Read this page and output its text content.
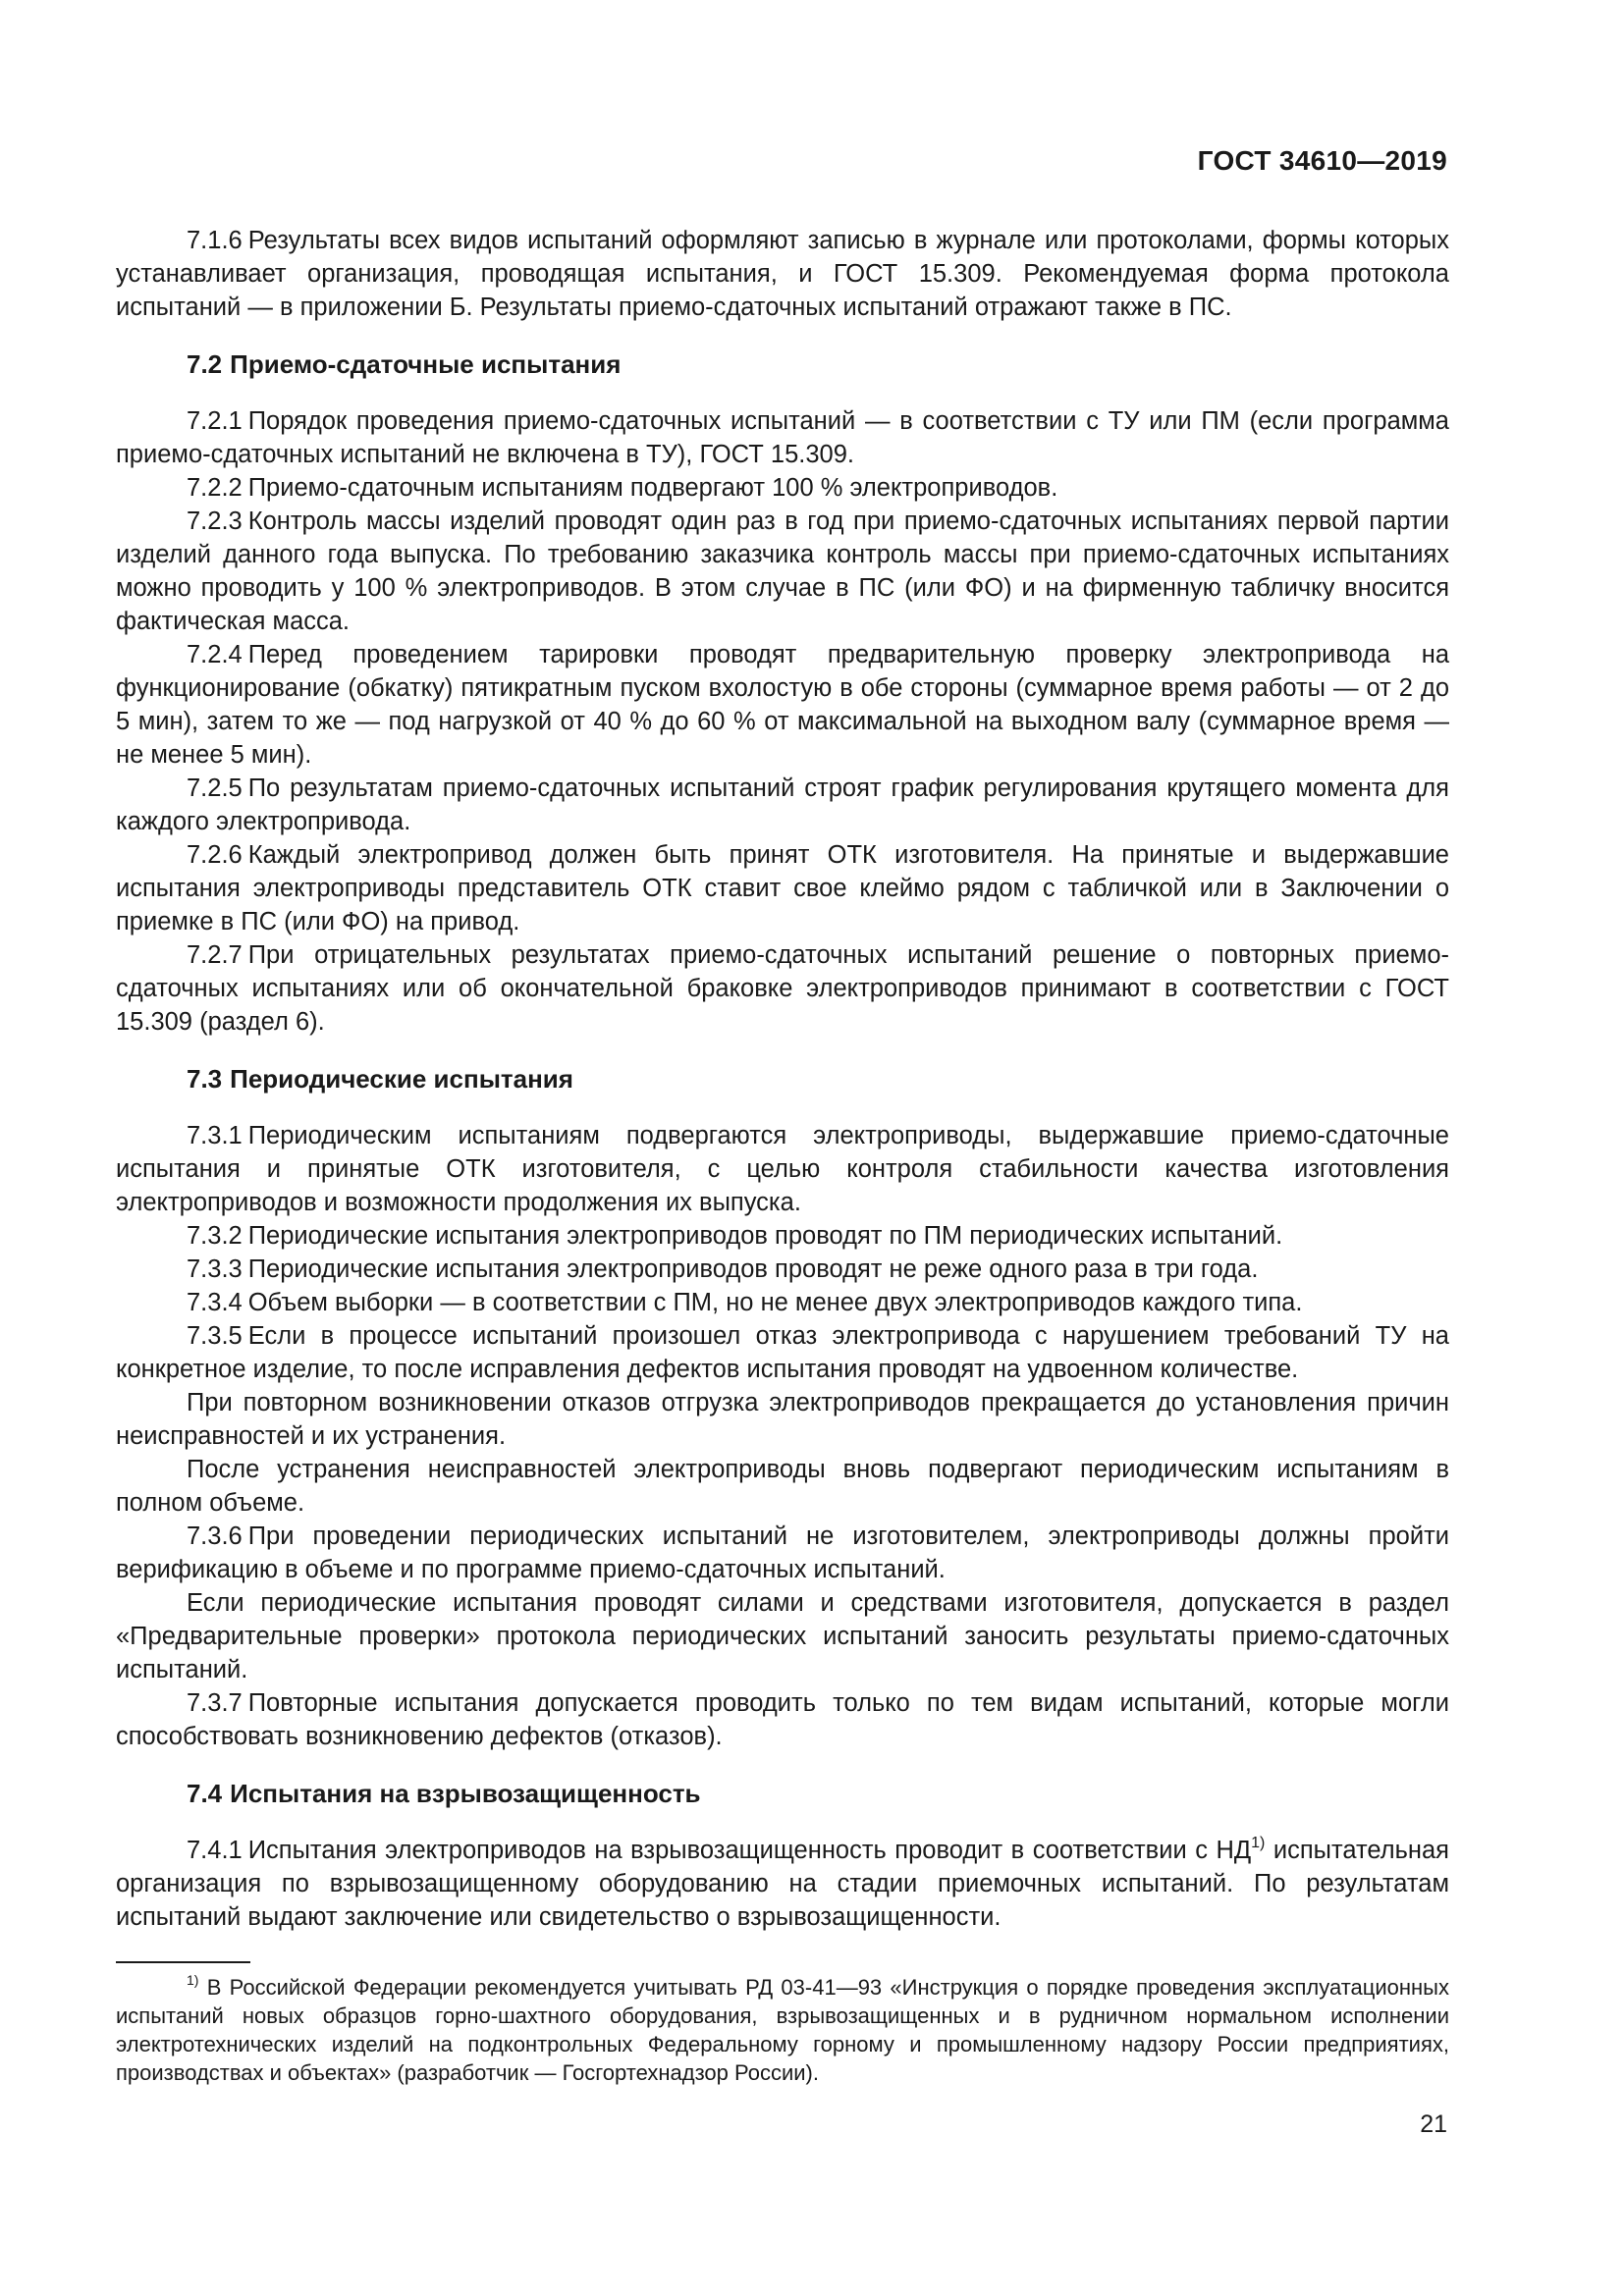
ГОСТ 34610—2019

7.1.6 Результаты всех видов испытаний оформляют записью в журнале или протоколами, формы которых устанавливает организация, проводящая испытания, и ГОСТ 15.309. Рекомендуемая форма протокола испытаний — в приложении Б. Результаты приемо-сдаточных испытаний отражают также в ПС.

7.2 Приемо-сдаточные испытания

7.2.1 Порядок проведения приемо-сдаточных испытаний — в соответствии с ТУ или ПМ (если программа приемо-сдаточных испытаний не включена в ТУ), ГОСТ 15.309.

7.2.2 Приемо-сдаточным испытаниям подвергают 100 % электроприводов.

7.2.3 Контроль массы изделий проводят один раз в год при приемо-сдаточных испытаниях первой партии изделий данного года выпуска. По требованию заказчика контроль массы при приемо-сдаточных испытаниях можно проводить у 100 % электроприводов. В этом случае в ПС (или ФО) и на фирменную табличку вносится фактическая масса.

7.2.4 Перед проведением тарировки проводят предварительную проверку электропривода на функционирование (обкатку) пятикратным пуском вхолостую в обе стороны (суммарное время работы — от 2 до 5 мин), затем то же — под нагрузкой от 40 % до 60 % от максимальной на выходном валу (суммарное время — не менее 5 мин).

7.2.5 По результатам приемо-сдаточных испытаний строят график регулирования крутящего момента для каждого электропривода.

7.2.6 Каждый электропривод должен быть принят ОТК изготовителя. На принятые и выдержавшие испытания электроприводы представитель ОТК ставит свое клеймо рядом с табличкой или в Заключении о приемке в ПС (или ФО) на привод.

7.2.7 При отрицательных результатах приемо-сдаточных испытаний решение о повторных приемо-сдаточных испытаниях или об окончательной браковке электроприводов принимают в соответствии с ГОСТ 15.309 (раздел 6).

7.3 Периодические испытания

7.3.1 Периодическим испытаниям подвергаются электроприводы, выдержавшие приемо-сдаточные испытания и принятые ОТК изготовителя, с целью контроля стабильности качества изготовления электроприводов и возможности продолжения их выпуска.

7.3.2 Периодические испытания электроприводов проводят по ПМ периодических испытаний.

7.3.3 Периодические испытания электроприводов проводят не реже одного раза в три года.

7.3.4 Объем выборки — в соответствии с ПМ, но не менее двух электроприводов каждого типа.

7.3.5 Если в процессе испытаний произошел отказ электропривода с нарушением требований ТУ на конкретное изделие, то после исправления дефектов испытания проводят на удвоенном количестве.

При повторном возникновении отказов отгрузка электроприводов прекращается до установления причин неисправностей и их устранения.

После устранения неисправностей электроприводы вновь подвергают периодическим испытаниям в полном объеме.

7.3.6 При проведении периодических испытаний не изготовителем, электроприводы должны пройти верификацию в объеме и по программе приемо-сдаточных испытаний.

Если периодические испытания проводят силами и средствами изготовителя, допускается в раздел «Предварительные проверки» протокола периодических испытаний заносить результаты приемо-сдаточных испытаний.

7.3.7 Повторные испытания допускается проводить только по тем видам испытаний, которые могли способствовать возникновению дефектов (отказов).

7.4 Испытания на взрывозащищенность

7.4.1 Испытания электроприводов на взрывозащищенность проводит в соответствии с НД$^{1)}$ испытательная организация по взрывозащищенному оборудованию на стадии приемочных испытаний. По результатам испытаний выдают заключение или свидетельство о взрывозащищенности.

$^{1)}$ В Российской Федерации рекомендуется учитывать РД 03-41—93 «Инструкция о порядке проведения эксплуатационных испытаний новых образцов горно-шахтного оборудования, взрывозащищенных и в рудничном нормальном исполнении электротехнических изделий на подконтрольных Федеральному горному и промышленному надзору России предприятиях, производствах и объектах» (разработчик — Госгортехнадзор России).

21
